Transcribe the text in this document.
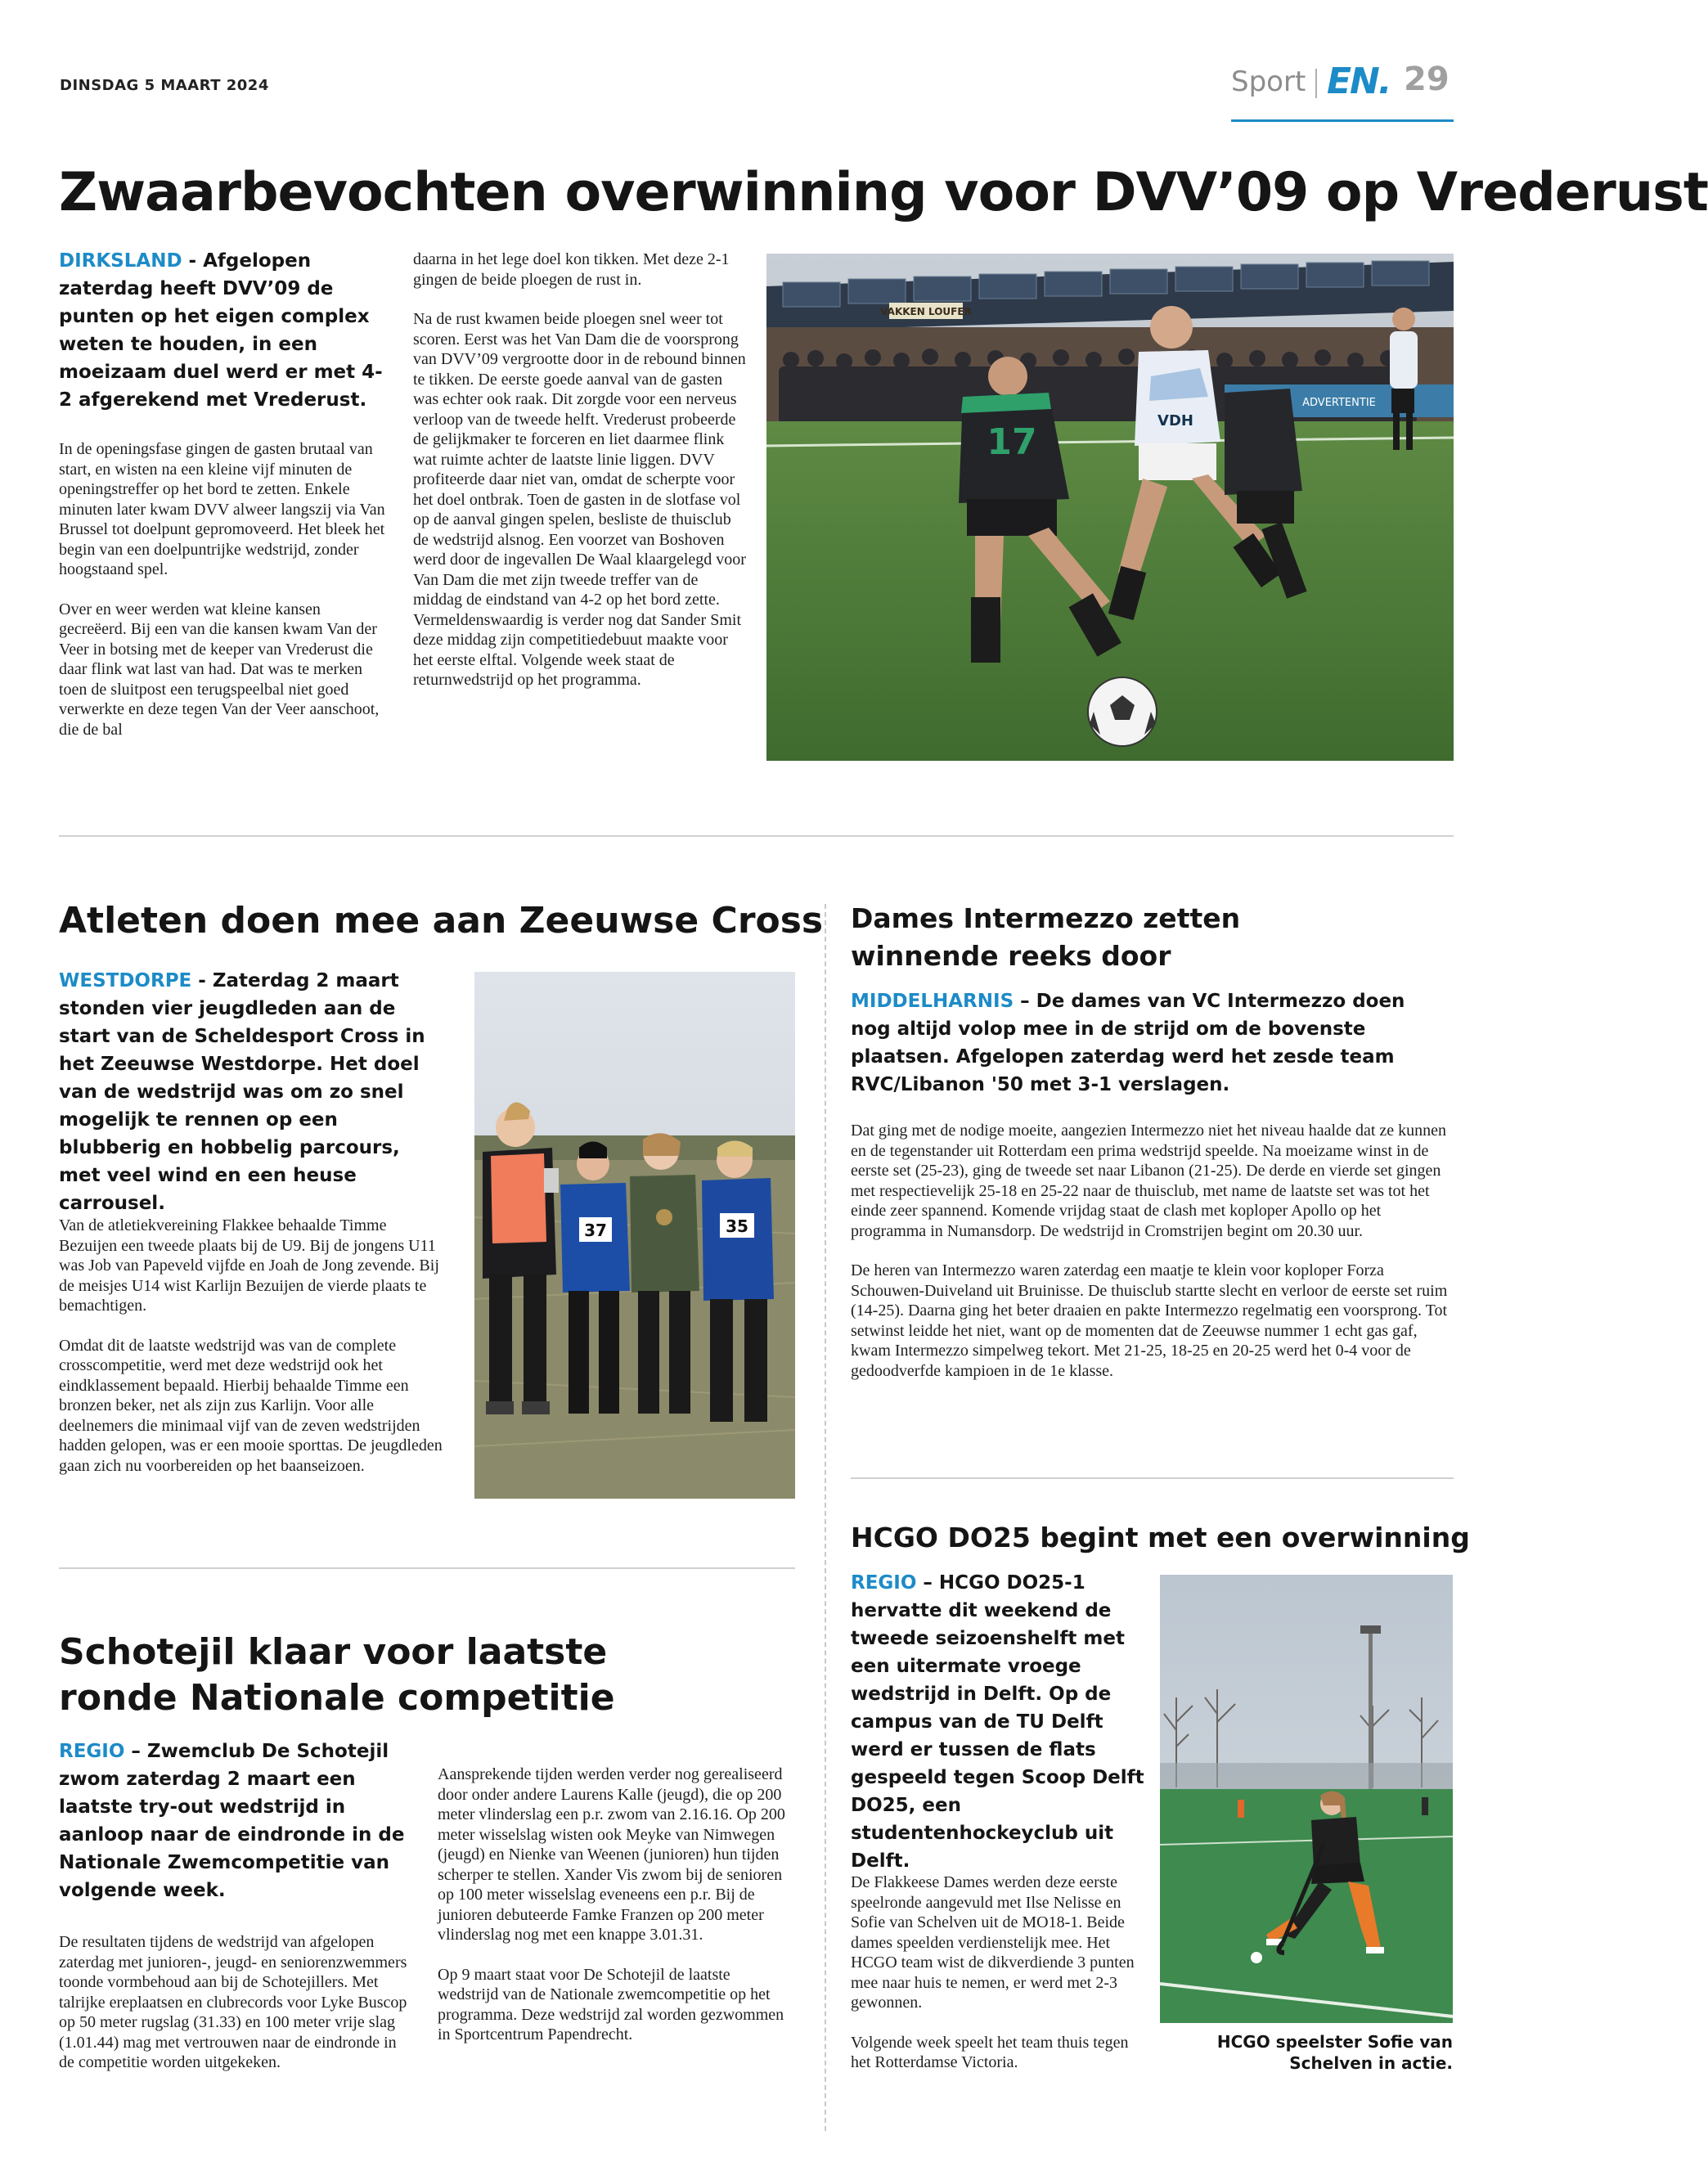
DINSDAG 5 MAART 2024	Sport EN. 29
Zwaarbevochten overwinning voor DVV’09 op Vrederust
DIRKSLAND - Afgelopen zaterdag heeft DVV’09 de punten op het eigen complex weten te houden, in een moeizaam duel werd er met 4-2 afgerekend met Vrederust.

In de openingsfase gingen de gasten brutaal van start, en wisten na een kleine vijf minuten de openingstreffer op het bord te zetten. Enkele minuten later kwam DVV alweer langszij via Van Brussel tot doelpunt gepromoveerd. Het bleek het begin van een doelpuntrijke wedstrijd, zonder hoogstaand spel.

Over en weer werden wat kleine kansen gecreëerd. Bij een van die kansen kwam Van der Veer in botsing met de keeper van Vrederust die daar flink wat last van had. Dat was te merken toen de sluitpost een terugspeelbal niet goed verwerkte en deze tegen Van der Veer aanschoot, die de bal

daarna in het lege doel kon tikken. Met deze 2-1 gingen de beide ploegen de rust in.

Na de rust kwamen beide ploegen snel weer tot scoren. Eerst was het Van Dam die de voorsprong van DVV’09 vergrootte door in de rebound binnen te tikken. De eerste goede aanval van de gasten was echter ook raak. Dit zorgde voor een nerveus verloop van de tweede helft. Vrederust probeerde de gelijkmaker te forceren en liet daarmee flink wat ruimte achter de laatste linie liggen. DVV profiteerde daar niet van, omdat de scherpte voor het doel ontbrak. Toen de gasten in de slotfase vol op de aanval gingen spelen, besliste de thuisclub de wedstrijd alsnog. Een voorzet van Boshoven werd door de ingevallen De Waal klaargelegd voor Van Dam die met zijn tweede treffer van de middag de eindstand van 4-2 op het bord zette. Vermeldenswaardig is verder nog dat Sander Smit deze middag zijn competitiedebuut maakte voor het eerste elftal. Volgende week staat de returnwedstrijd op het programma.

VAKKEN LOUFER
ADVERTENTIE
VDH
17
Atleten doen mee aan Zeeuwse Cross
WESTDORPE - Zaterdag 2 maart stonden vier jeugdleden aan de start van de Scheldesport Cross in het Zeeuwse Westdorpe. Het doel van de wedstrijd was om zo snel mogelijk te rennen op een blubberig en hobbelig parcours, met veel wind en een heuse carrousel.

Van de atletiekvereining Flakkee behaalde Timme Bezuijen een tweede plaats bij de U9. Bij de jongens U11 was Job van Papeveld vijfde en Joah de Jong zevende. Bij de meisjes U14 wist Karlijn Bezuijen de vierde plaats te bemachtigen.

Omdat dit de laatste wedstrijd was van de complete crosscompetitie, werd met deze wedstrijd ook het eindklassement bepaald. Hierbij behaalde Timme een bronzen beker, net als zijn zus Karlijn. Voor alle deelnemers die minimaal vijf van de zeven wedstrijden hadden gelopen, was er een mooie sporttas. De jeugdleden gaan zich nu voorbereiden op het baanseizoen.

37	35
Dames Intermezzo zetten winnende reeks door
MIDDELHARNIS – De dames van VC Intermezzo doen nog altijd volop mee in de strijd om de bovenste plaatsen. Afgelopen zaterdag werd het zesde team RVC/Libanon '50 met 3-1 verslagen.

Dat ging met de nodige moeite, aangezien Intermezzo niet het niveau haalde dat ze kunnen en de tegenstander uit Rotterdam een prima wedstrijd speelde. Na moeizame winst in de eerste set (25-23), ging de tweede set naar Libanon (21-25). De derde en vierde set gingen met respectievelijk 25-18 en 25-22 naar de thuisclub, met name de laatste set was tot het einde zeer spannend. Komende vrijdag staat de clash met koploper Apollo op het programma in Numansdorp. De wedstrijd in Cromstrijen begint om 20.30 uur.

De heren van Intermezzo waren zaterdag een maatje te klein voor koploper Forza Schouwen-Duiveland uit Bruinisse. De thuisclub startte slecht en verloor de eerste set ruim (14-25). Daarna ging het beter draaien en pakte Intermezzo regelmatig een voorsprong. Tot setwinst leidde het niet, want op de momenten dat de Zeeuwse nummer 1 echt gas gaf, kwam Intermezzo simpelweg tekort. Met 21-25, 18-25 en 20-25 werd het 0-4 voor de gedoodverfde kampioen in de 1e klasse.

HCGO DO25 begint met een overwinning
REGIO – HCGO DO25-1 hervatte dit weekend de tweede seizoenshelft met een uitermate vroege wedstrijd in Delft. Op de campus van de TU Delft werd er tussen de flats gespeeld tegen Scoop Delft DO25, een studentenhockeyclub uit Delft.

De Flakkeese Dames werden deze eerste speelronde aangevuld met Ilse Nelisse en Sofie van Schelven uit de MO18-1. Beide dames speelden verdienstelijk mee. Het HCGO team wist de dikverdiende 3 punten mee naar huis te nemen, er werd met 2-3 gewonnen.

Volgende week speelt het team thuis tegen het Rotterdamse Victoria.

HCGO speelster Sofie van Schelven in actie.
Schotejil klaar voor laatste ronde Nationale competitie
REGIO – Zwemclub De Schotejil zwom zaterdag 2 maart een laatste try-out wedstrijd in aanloop naar de eindronde in de Nationale Zwemcompetitie van volgende week.

De resultaten tijdens de wedstrijd van afgelopen zaterdag met junioren-, jeugd- en seniorenzwemmers toonde vormbehoud aan bij de Schotejillers. Met talrijke ereplaatsen en clubrecords voor Lyke Buscop op 50 meter rugslag (31.33) en 100 meter vrije slag (1.01.44) mag met vertrouwen naar de eindronde in de competitie worden uitgekeken.

Aansprekende tijden werden verder nog gerealiseerd door onder andere Laurens Kalle (jeugd), die op 200 meter vlinderslag een p.r. zwom van 2.16.16. Op 200 meter wisselslag wisten ook Meyke van Nimwegen (jeugd) en Nienke van Weenen (junioren) hun tijden scherper te stellen. Xander Vis zwom bij de senioren op 100 meter wisselslag eveneens een p.r. Bij de junioren debuteerde Famke Franzen op 200 meter vlinderslag nog met een knappe 3.01.31.

Op 9 maart staat voor De Schotejil de laatste wedstrijd van de Nationale zwemcompetitie op het programma. Deze wedstrijd zal worden gezwommen in Sportcentrum Papendrecht.
